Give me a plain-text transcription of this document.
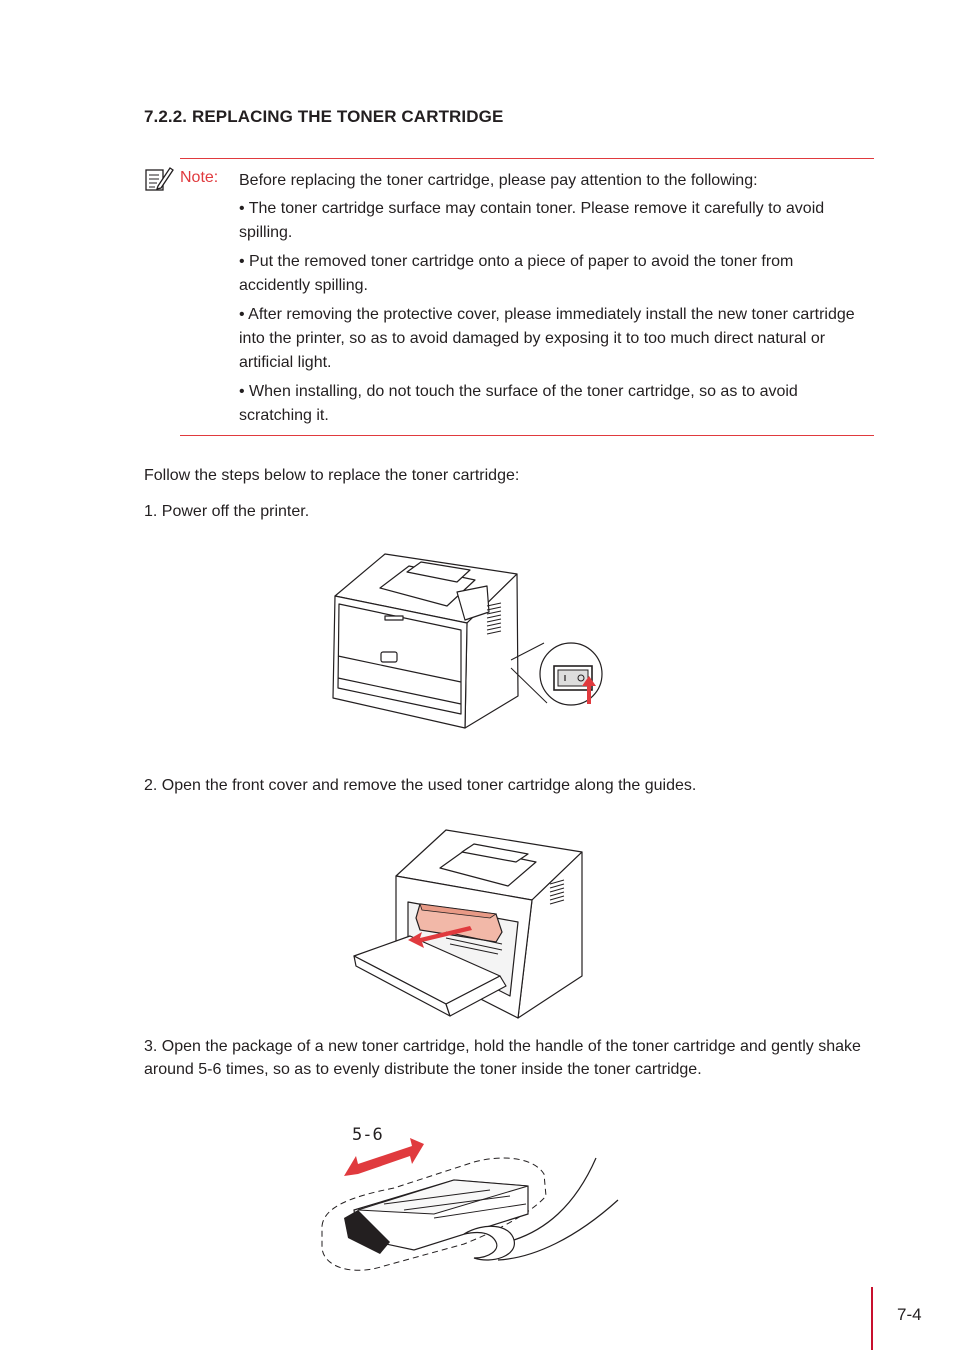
7.2.2. REPLACING THE TONER CARTRIDGE
Note: Before replacing the toner cartridge, please pay attention to the following:

• The toner cartridge surface may contain toner. Please remove it carefully to avoid spilling.

• Put the removed toner cartridge onto a piece of paper to avoid the toner from accidently spilling.

• After removing the protective cover, please immediately install the new toner cartridge into the printer, so as to avoid damaged by exposing it to too much direct natural or artificial light.

• When installing, do not touch the surface of the toner cartridge, so as to avoid scratching it.

Follow the steps below to replace the toner cartridge:

1. Power off the printer.

2. Open the front cover and remove the used toner cartridge along the guides.

3. Open the package of a new toner cartridge, hold the handle of the toner cartridge and gently shake around 5-6 times, so as to evenly distribute the toner inside the toner cartridge.

5-6
7-4
